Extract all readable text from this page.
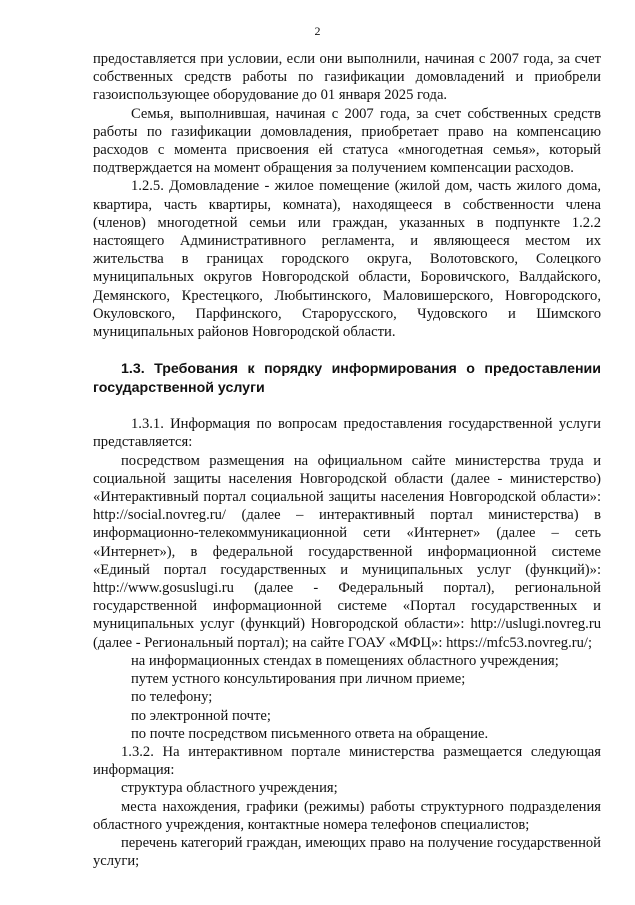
2

предоставляется при условии, если они выполнили, начиная с 2007 года, за счет собственных средств работы по газификации домовладений и приобрели газоиспользующее оборудование до 01 января 2025 года.

Семья, выполнившая, начиная с 2007 года, за счет собственных средств работы по газификации домовладения, приобретает право на компенсацию расходов с момента присвоения ей статуса «многодетная семья», который подтверждается на момент обращения за получением компенсации расходов.

1.2.5. Домовладение - жилое помещение (жилой дом, часть жилого дома, квартира, часть квартиры, комната), находящееся в собственности члена (членов) многодетной семьи или граждан, указанных в подпункте 1.2.2 настоящего Административного регламента, и являющееся местом их жительства в границах городского округа, Волотовского, Солецкого муниципальных округов Новгородской области, Боровичского, Валдайского, Демянского, Крестецкого, Любытинского, Маловишерского, Новгородского, Окуловского, Парфинского, Старорусского, Чудовского и Шимского муниципальных районов Новгородской области.

1.3. Требования к порядку информирования о предоставлении государственной услуги

1.3.1. Информация по вопросам предоставления государственной услуги представляется:

посредством размещения на официальном сайте министерства труда и социальной защиты населения Новгородской области (далее - министерство) «Интерактивный портал социальной защиты населения Новгородской области»: http://social.novreg.ru/ (далее – интерактивный портал министерства) в информационно-телекоммуникационной сети «Интернет» (далее – сеть «Интернет»), в федеральной государственной информационной системе «Единый портал государственных и муниципальных услуг (функций)»: http://www.gosuslugi.ru (далее - Федеральный портал), региональной государственной информационной системе «Портал государственных и муниципальных услуг (функций) Новгородской области»: http://uslugi.novreg.ru (далее - Региональный портал); на сайте ГОАУ «МФЦ»: https://mfc53.novreg.ru/;

на информационных стендах в помещениях областного учреждения;

путем устного консультирования при личном приеме;

по телефону;

по электронной почте;

по почте посредством письменного ответа на обращение.

1.3.2. На интерактивном портале министерства размещается следующая информация:

структура областного учреждения;

места нахождения, графики (режимы) работы структурного подразделения областного учреждения, контактные номера телефонов специалистов;

перечень категорий граждан, имеющих право на получение государственной услуги;
